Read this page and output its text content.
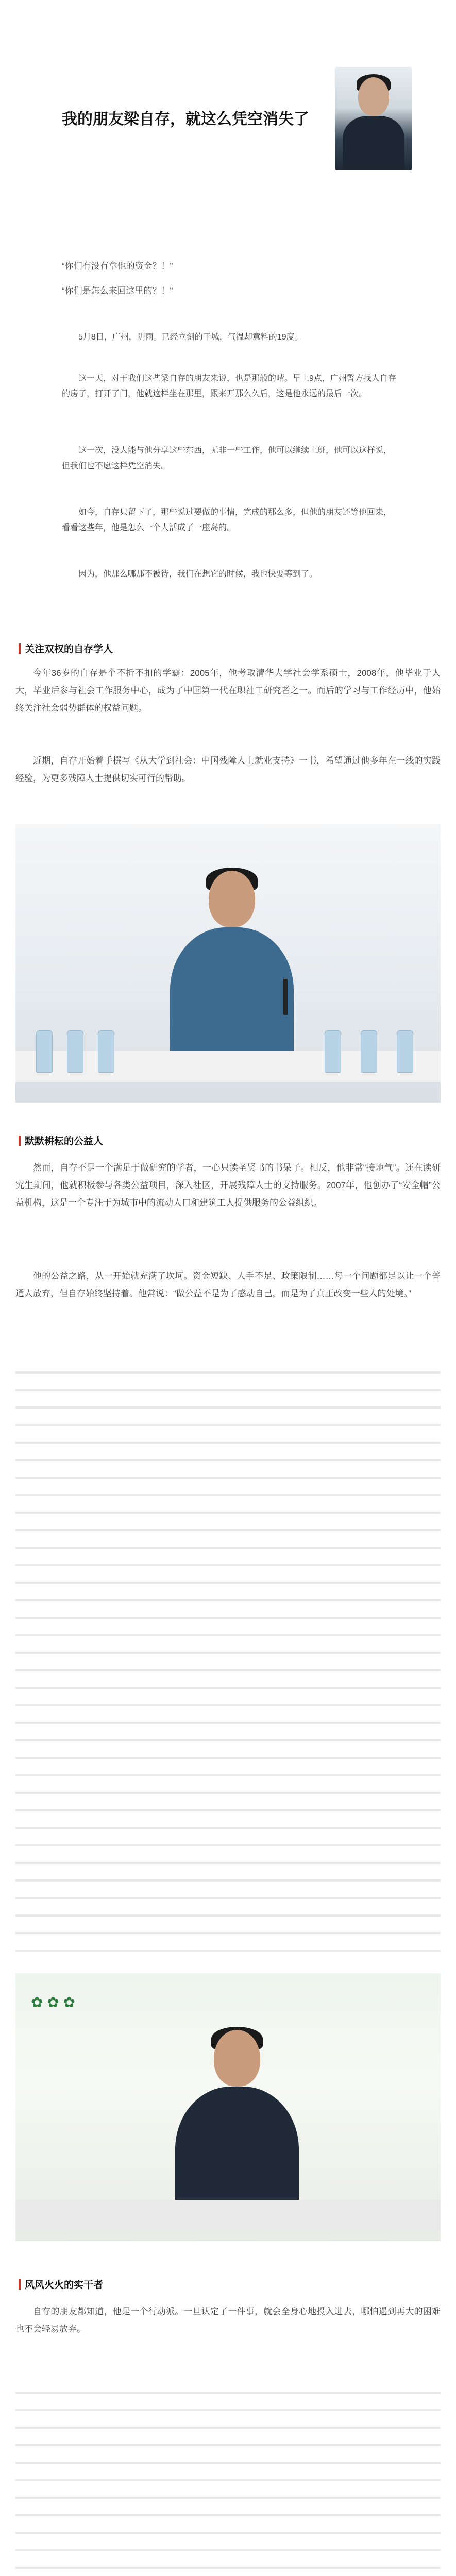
我的朋友梁自存，就这么凭空消失了

“你们有没有拿他的资金？！”

“你们是怎么来回这里的？！”

5月8日，广州，阴雨。已经立刻的干城，气温却意料的19度。

这一天，对于我们这些梁自存的朋友来说，也是那般的晴。早上9点，广州警方找人自存的房子，打开了门，他就这样坐在那里，跟来开那么久后，这是他永远的最后一次。

这一次，没人能与他分享这些东西，无非一些工作，他可以继续上班，他可以这样说，但我们也不愿这样凭空消失。

如今，自存只留下了，那些说过要做的事情，完成的那么多，但他的朋友还等他回来，看看这些年，他是怎么一个人活成了一座岛的。

因为，他那么哪那不被待，我们在想它的时候，我也快要等到了。

关注双权的自存学人

今年36岁的自存是个不折不扣的学霸：2005年，他考取清华大学社会学系硕士，2008年，他毕业于人大，毕业后参与社会工作服务中心，成为了中国第一代在职社工研究者之一。而后的学习与工作经历中，他始终关注社会弱势群体的权益问题。

近期，自存开始着手撰写《从大学到社会：中国残障人士就业支持》一书，希望通过他多年在一线的实践经验，为更多残障人士提供切实可行的帮助。

默默耕耘的公益人

然而，自存不是一个满足于做研究的学者，一心只读圣贤书的书呆子。相反，他非常“接地气”。还在读研究生期间，他就积极参与各类公益项目，深入社区，开展残障人士的支持服务。2007年，他创办了“安全帽”公益机构，这是一个专注于为城市中的流动人口和建筑工人提供服务的公益组织。

他的公益之路，从一开始就充满了坎坷。资金短缺、人手不足、政策限制……每一个问题都足以让一个普通人放弃，但自存始终坚持着。他常说：“做公益不是为了感动自己，而是为了真正改变一些人的处境。”

✿ ✿ ✿
风风火火的实干者

自存的朋友都知道，他是一个行动派。一旦认定了一件事，就会全身心地投入进去，哪怕遇到再大的困难也不会轻易放弃。
